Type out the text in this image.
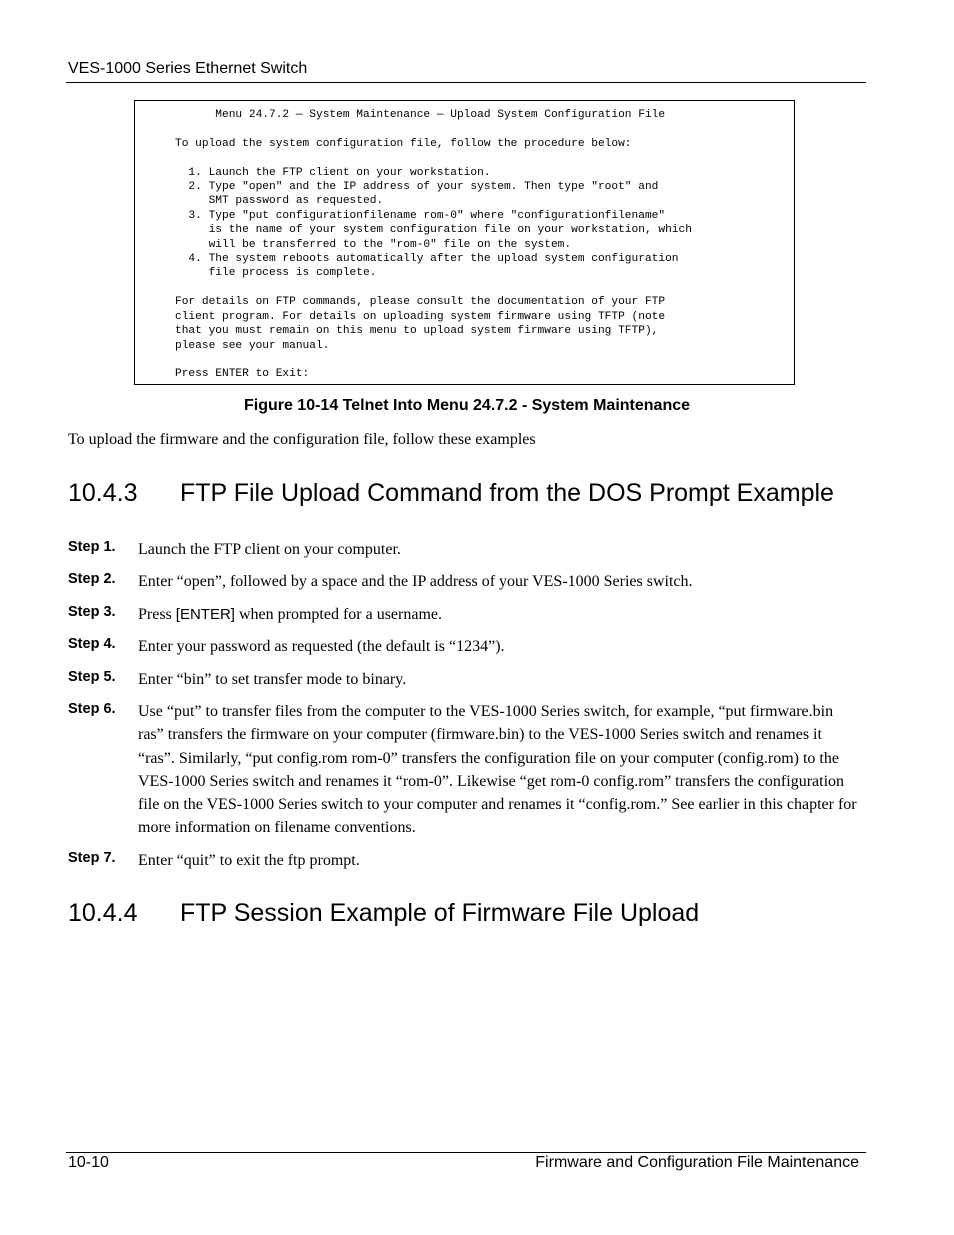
VES-1000 Series Ethernet Switch
Menu 24.7.2 — System Maintenance — Upload System Configuration File

To upload the system configuration file, follow the procedure below:

1. Launch the FTP client on your workstation.
2. Type "open" and the IP address of your system. Then type "root" and
SMT password as requested.
3. Type "put configurationfilename rom-0" where "configurationfilename"
is the name of your system configuration file on your workstation, which
will be transferred to the "rom-0" file on the system.
4. The system reboots automatically after the upload system configuration
file process is complete.

For details on FTP commands, please consult the documentation of your FTP
client program. For details on uploading system firmware using TFTP (note
that you must remain on this menu to upload system firmware using TFTP),
please see your manual.

Press ENTER to Exit:
Figure 10-14 Telnet Into Menu 24.7.2 - System Maintenance
To upload the firmware and the configuration file, follow these examples
10.4.3 FTP File Upload Command from the DOS Prompt Example
Step 1. Launch the FTP client on your computer.
Step 2. Enter “open”, followed by a space and the IP address of your VES-1000 Series switch.
Step 3. Press [ENTER] when prompted for a username.
Step 4. Enter your password as requested (the default is “1234”).
Step 5. Enter “bin” to set transfer mode to binary.
Step 6. Use “put” to transfer files from the computer to the VES-1000 Series switch, for example, “put firmware.bin ras” transfers the firmware on your computer (firmware.bin) to the VES-1000 Series switch and renames it “ras”. Similarly, “put config.rom rom-0” transfers the configuration file on your computer (config.rom) to the VES-1000 Series switch and renames it “rom-0”. Likewise “get rom-0 config.rom” transfers the configuration file on the VES-1000 Series switch to your computer and renames it “config.rom.” See earlier in this chapter for more information on filename conventions.
Step 7. Enter “quit” to exit the ftp prompt.
10.4.4 FTP Session Example of Firmware File Upload
10-10	Firmware and Configuration File Maintenance
